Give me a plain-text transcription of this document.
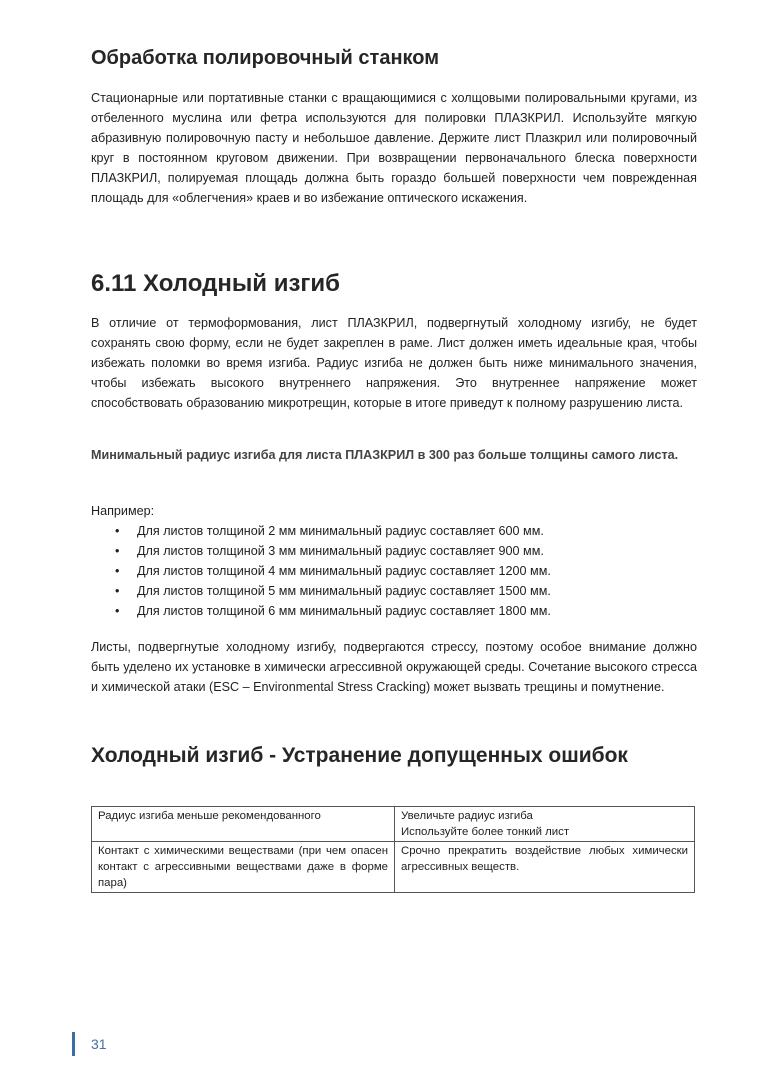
Обработка полировочный станком

Стационарные или портативные станки с вращающимися с холщовыми полировальными кругами, из отбеленного муслина или фетра используются для полировки ПЛАЗКРИЛ. Используйте мягкую абразивную полировочную пасту и небольшое давление. Держите лист Плазкрил или полировочный круг в постоянном круговом движении. При возвращении первоначального блеска поверхности ПЛАЗКРИЛ, полируемая площадь должна быть гораздо большей поверхности чем поврежденная площадь для «облегчения» краев и во избежание оптического искажения.

6.11 Холодный изгиб

В отличие от термоформования, лист ПЛАЗКРИЛ, подвергнутый холодному изгибу, не будет сохранять свою форму, если не будет закреплен в раме. Лист должен иметь идеальные края, чтобы избежать поломки во время изгиба. Радиус изгиба не должен быть ниже минимального значения, чтобы избежать высокого внутреннего напряжения. Это внутреннее напряжение может способствовать образованию микротрещин, которые в итоге приведут к полному разрушению листа.

Минимальный радиус изгиба для листа ПЛАЗКРИЛ в 300 раз больше толщины самого листа.

Например:

• Для листов толщиной 2 мм минимальный радиус составляет 600 мм.
• Для листов толщиной 3 мм минимальный радиус составляет 900 мм.
• Для листов толщиной 4 мм минимальный радиус составляет 1200 мм.
• Для листов толщиной 5 мм минимальный радиус составляет 1500 мм.
• Для листов толщиной 6 мм минимальный радиус составляет 1800 мм.

Листы, подвергнутые холодному изгибу, подвергаются стрессу, поэтому особое внимание должно быть уделено их установке в химически агрессивной окружающей среды. Сочетание высокого стресса и химической атаки (ESC – Environmental Stress Cracking) может вызвать трещины и помутнение.

Холодный изгиб - Устранение допущенных ошибок
Радиус изгиба меньше рекомендованного	Увеличьте радиус изгиба
Используйте более тонкий лист

Контакт с химическими веществами (при чем опасен контакт с агрессивными веществами даже в форме пара)	Срочно прекратить воздействие любых химически агрессивных веществ.
31
